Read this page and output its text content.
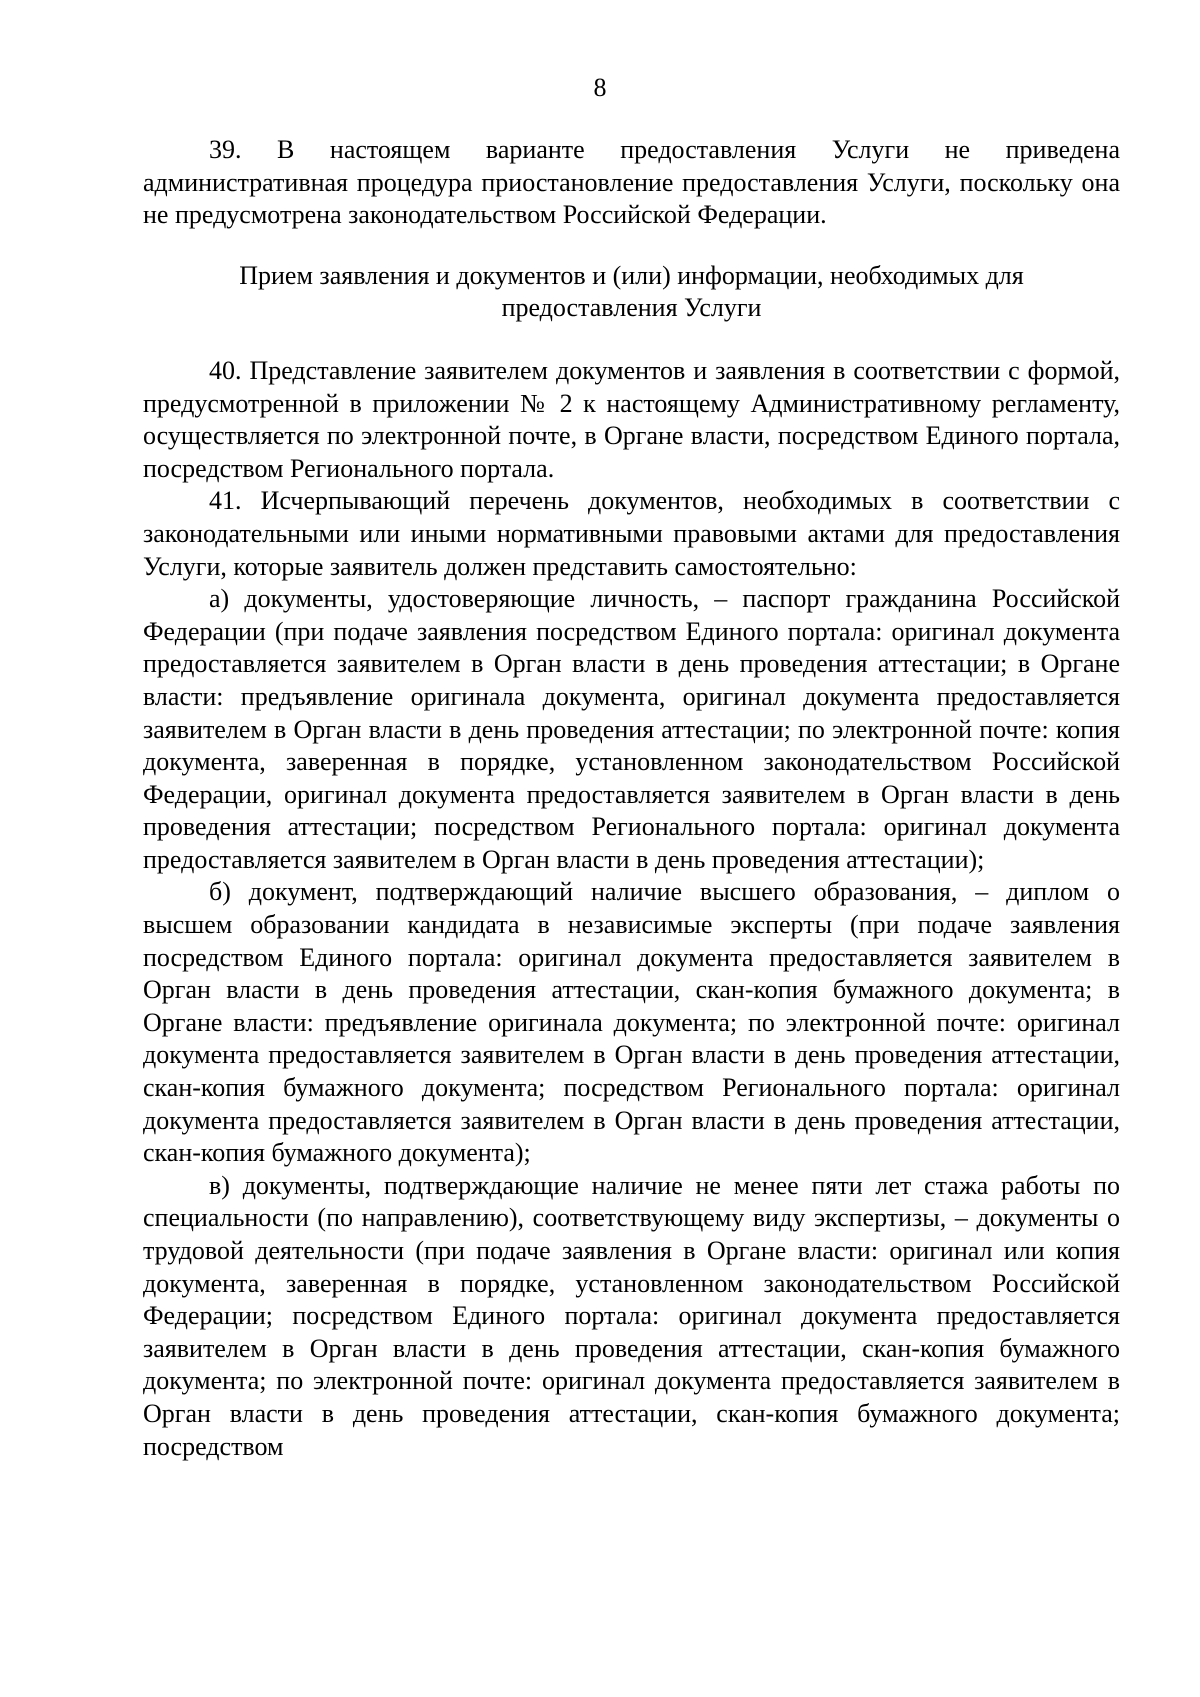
8

39. В настоящем варианте предоставления Услуги не приведена административная процедура приостановление предоставления Услуги, поскольку она не предусмотрена законодательством Российской Федерации.

Прием заявления и документов и (или) информации, необходимых для предоставления Услуги

40. Представление заявителем документов и заявления в соответствии с формой, предусмотренной в приложении № 2 к настоящему Административному регламенту, осуществляется по электронной почте, в Органе власти, посредством Единого портала, посредством Регионального портала.

41. Исчерпывающий перечень документов, необходимых в соответствии с законодательными или иными нормативными правовыми актами для предоставления Услуги, которые заявитель должен представить самостоятельно:

а) документы, удостоверяющие личность, – паспорт гражданина Российской Федерации (при подаче заявления посредством Единого портала: оригинал документа предоставляется заявителем в Орган власти в день проведения аттестации; в Органе власти: предъявление оригинала документа, оригинал документа предоставляется заявителем в Орган власти в день проведения аттестации; по электронной почте: копия документа, заверенная в порядке, установленном законодательством Российской Федерации, оригинал документа предоставляется заявителем в Орган власти в день проведения аттестации; посредством Регионального портала: оригинал документа предоставляется заявителем в Орган власти в день проведения аттестации);

б) документ, подтверждающий наличие высшего образования, – диплом о высшем образовании кандидата в независимые эксперты (при подаче заявления посредством Единого портала: оригинал документа предоставляется заявителем в Орган власти в день проведения аттестации, скан-копия бумажного документа; в Органе власти: предъявление оригинала документа; по электронной почте: оригинал документа предоставляется заявителем в Орган власти в день проведения аттестации, скан-копия бумажного документа; посредством Регионального портала: оригинал документа предоставляется заявителем в Орган власти в день проведения аттестации, скан-копия бумажного документа);

в) документы, подтверждающие наличие не менее пяти лет стажа работы по специальности (по направлению), соответствующему виду экспертизы, – документы о трудовой деятельности (при подаче заявления в Органе власти: оригинал или копия документа, заверенная в порядке, установленном законодательством Российской Федерации; посредством Единого портала: оригинал документа предоставляется заявителем в Орган власти в день проведения аттестации, скан-копия бумажного документа; по электронной почте: оригинал документа предоставляется заявителем в Орган власти в день проведения аттестации, скан-копия бумажного документа; посредством
